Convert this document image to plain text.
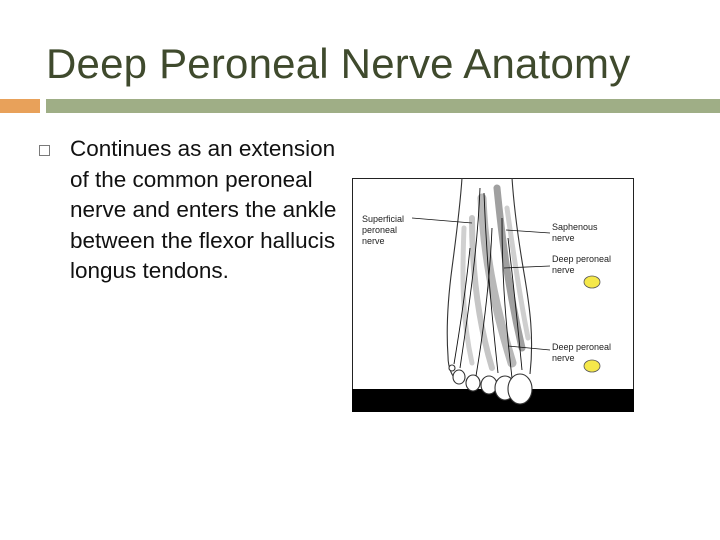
Deep Peroneal Nerve Anatomy
Continues as an extension of the common peroneal nerve and enters the ankle between the flexor hallucis longus tendons.
Superficial
peroneal
nerve
Saphenous
nerve
Deep peroneal
nerve
Deep peroneal
nerve
